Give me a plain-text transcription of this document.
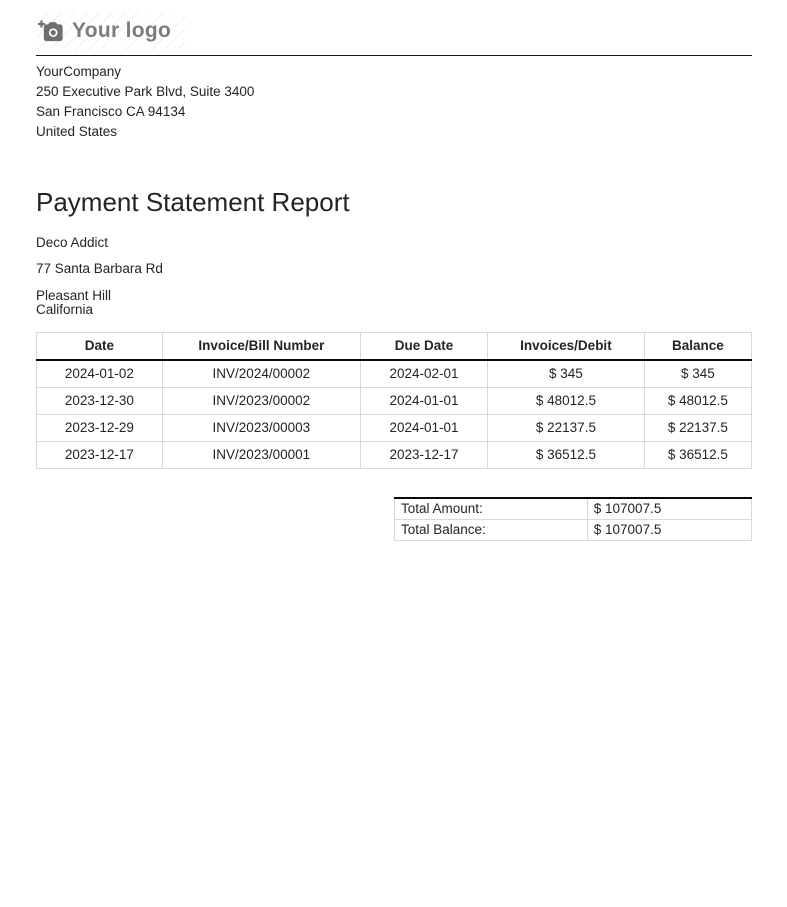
Your logo
YourCompany
250 Executive Park Blvd, Suite 3400
San Francisco CA 94134
United States
Payment Statement Report

Deco Addict

77 Santa Barbara Rd

Pleasant Hill
California

Date	Invoice/Bill Number	Due Date	Invoices/Debit	Balance
2024-01-02	INV/2024/00002	2024-02-01	$ 345	$ 345
2023-12-30	INV/2023/00002	2024-01-01	$ 48012.5	$ 48012.5
2023-12-29	INV/2023/00003	2024-01-01	$ 22137.5	$ 22137.5
2023-12-17	INV/2023/00001	2023-12-17	$ 36512.5	$ 36512.5
Total Amount:	$ 107007.5
Total Balance:	$ 107007.5
